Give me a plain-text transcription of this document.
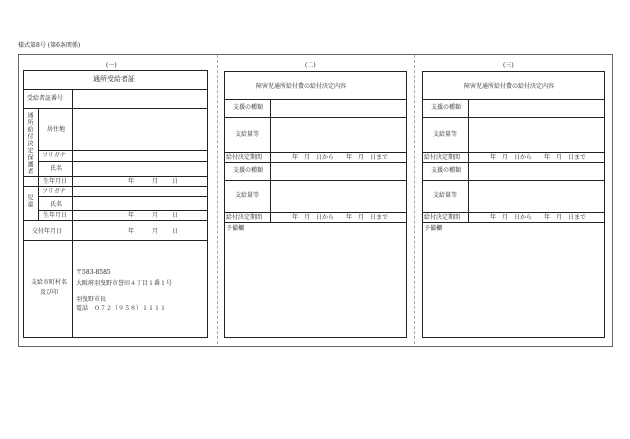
様式第8号 (第6条関係)
(一)	(二)	(三)
通所受給者証
受給者証番号
通所給付決定保護者 居住地
フリガナ
氏名
生年月日	年	月 日
児童
フリガナ
氏名
生年月日	年	月 日
交付年月日	年	月 日
支給市町村名及び印
〒583-8585
大阪府羽曳野市誉田４丁目１番１号
羽曳野市長
電話　０７２（９５８）１１１１
障害児通所給付費の給付決定内容
支援の種類
支給量等
給付決定期間	年　月　日から 年　月　日まで
支援の種類
支給量等
給付決定期間	年　月　日から 年　月　日まで
予備欄
障害児通所給付費の給付決定内容
支援の種類
支給量等
給付決定期間	年　月　日から 年　月　日まで
支援の種類
支給量等
給付決定期間	年　月　日から 年　月　日まで
予備欄
